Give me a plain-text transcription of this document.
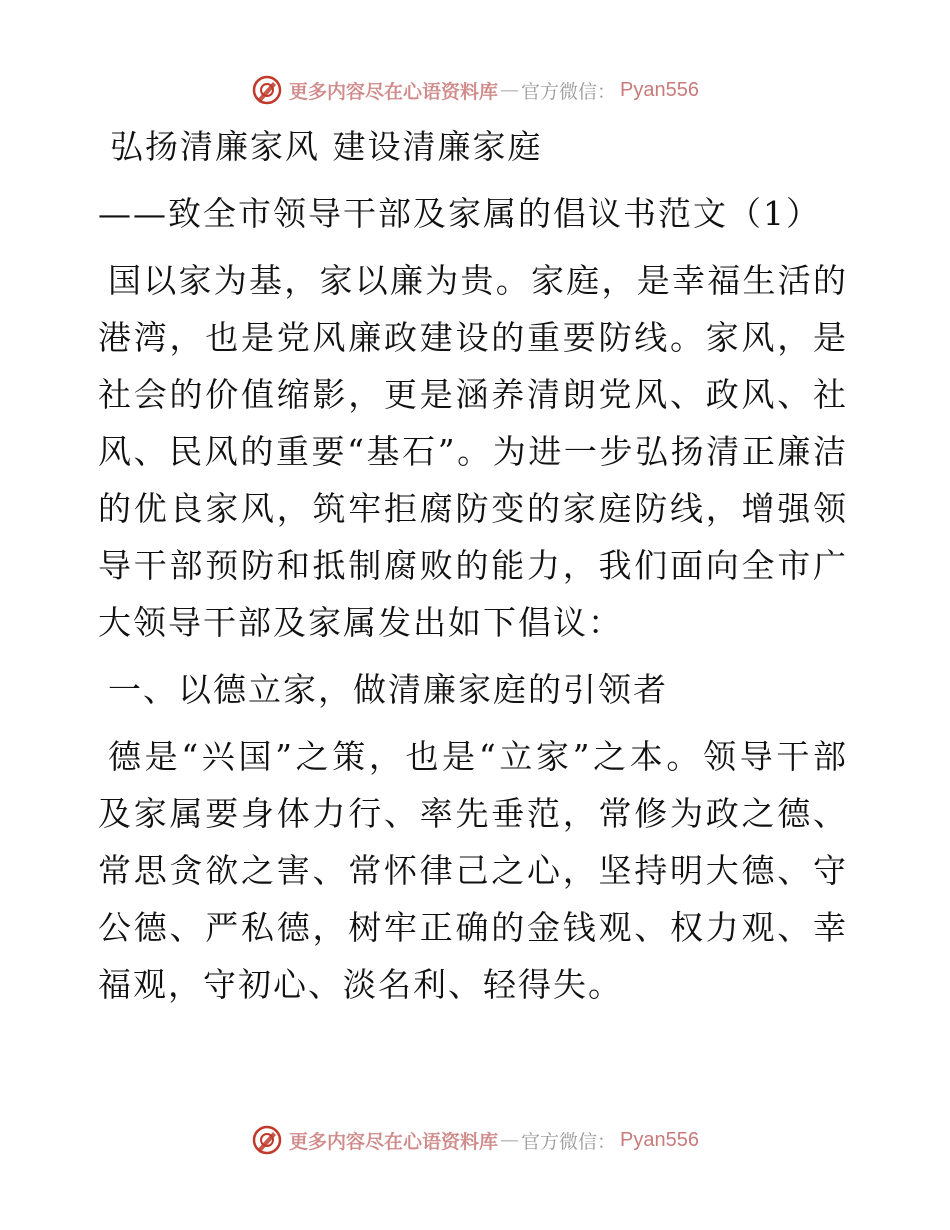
更多内容尽在心语资料库 — 官方微信： Pyan556
弘扬清廉家风 建设清廉家庭
——致全市领导干部及家属的倡议书范文（1）

国以家为基，家以廉为贵。家庭，是幸福生活的港湾，也是党风廉政建设的重要防线。家风，是社会的价值缩影，更是涵养清朗党风、政风、社风、民风的重要“基石”。为进一步弘扬清正廉洁的优良家风，筑牢拒腐防变的家庭防线，增强领导干部预防和抵制腐败的能力，我们面向全市广大领导干部及家属发出如下倡议：

一、以德立家，做清廉家庭的引领者

德是“兴国”之策，也是“立家”之本。领导干部及家属要身体力行、率先垂范，常修为政之德、常思贪欲之害、常怀律己之心，坚持明大德、守公德、严私德，树牢正确的金钱观、权力观、幸福观，守初心、淡名利、轻得失。

更多内容尽在心语资料库 — 官方微信： Pyan556
